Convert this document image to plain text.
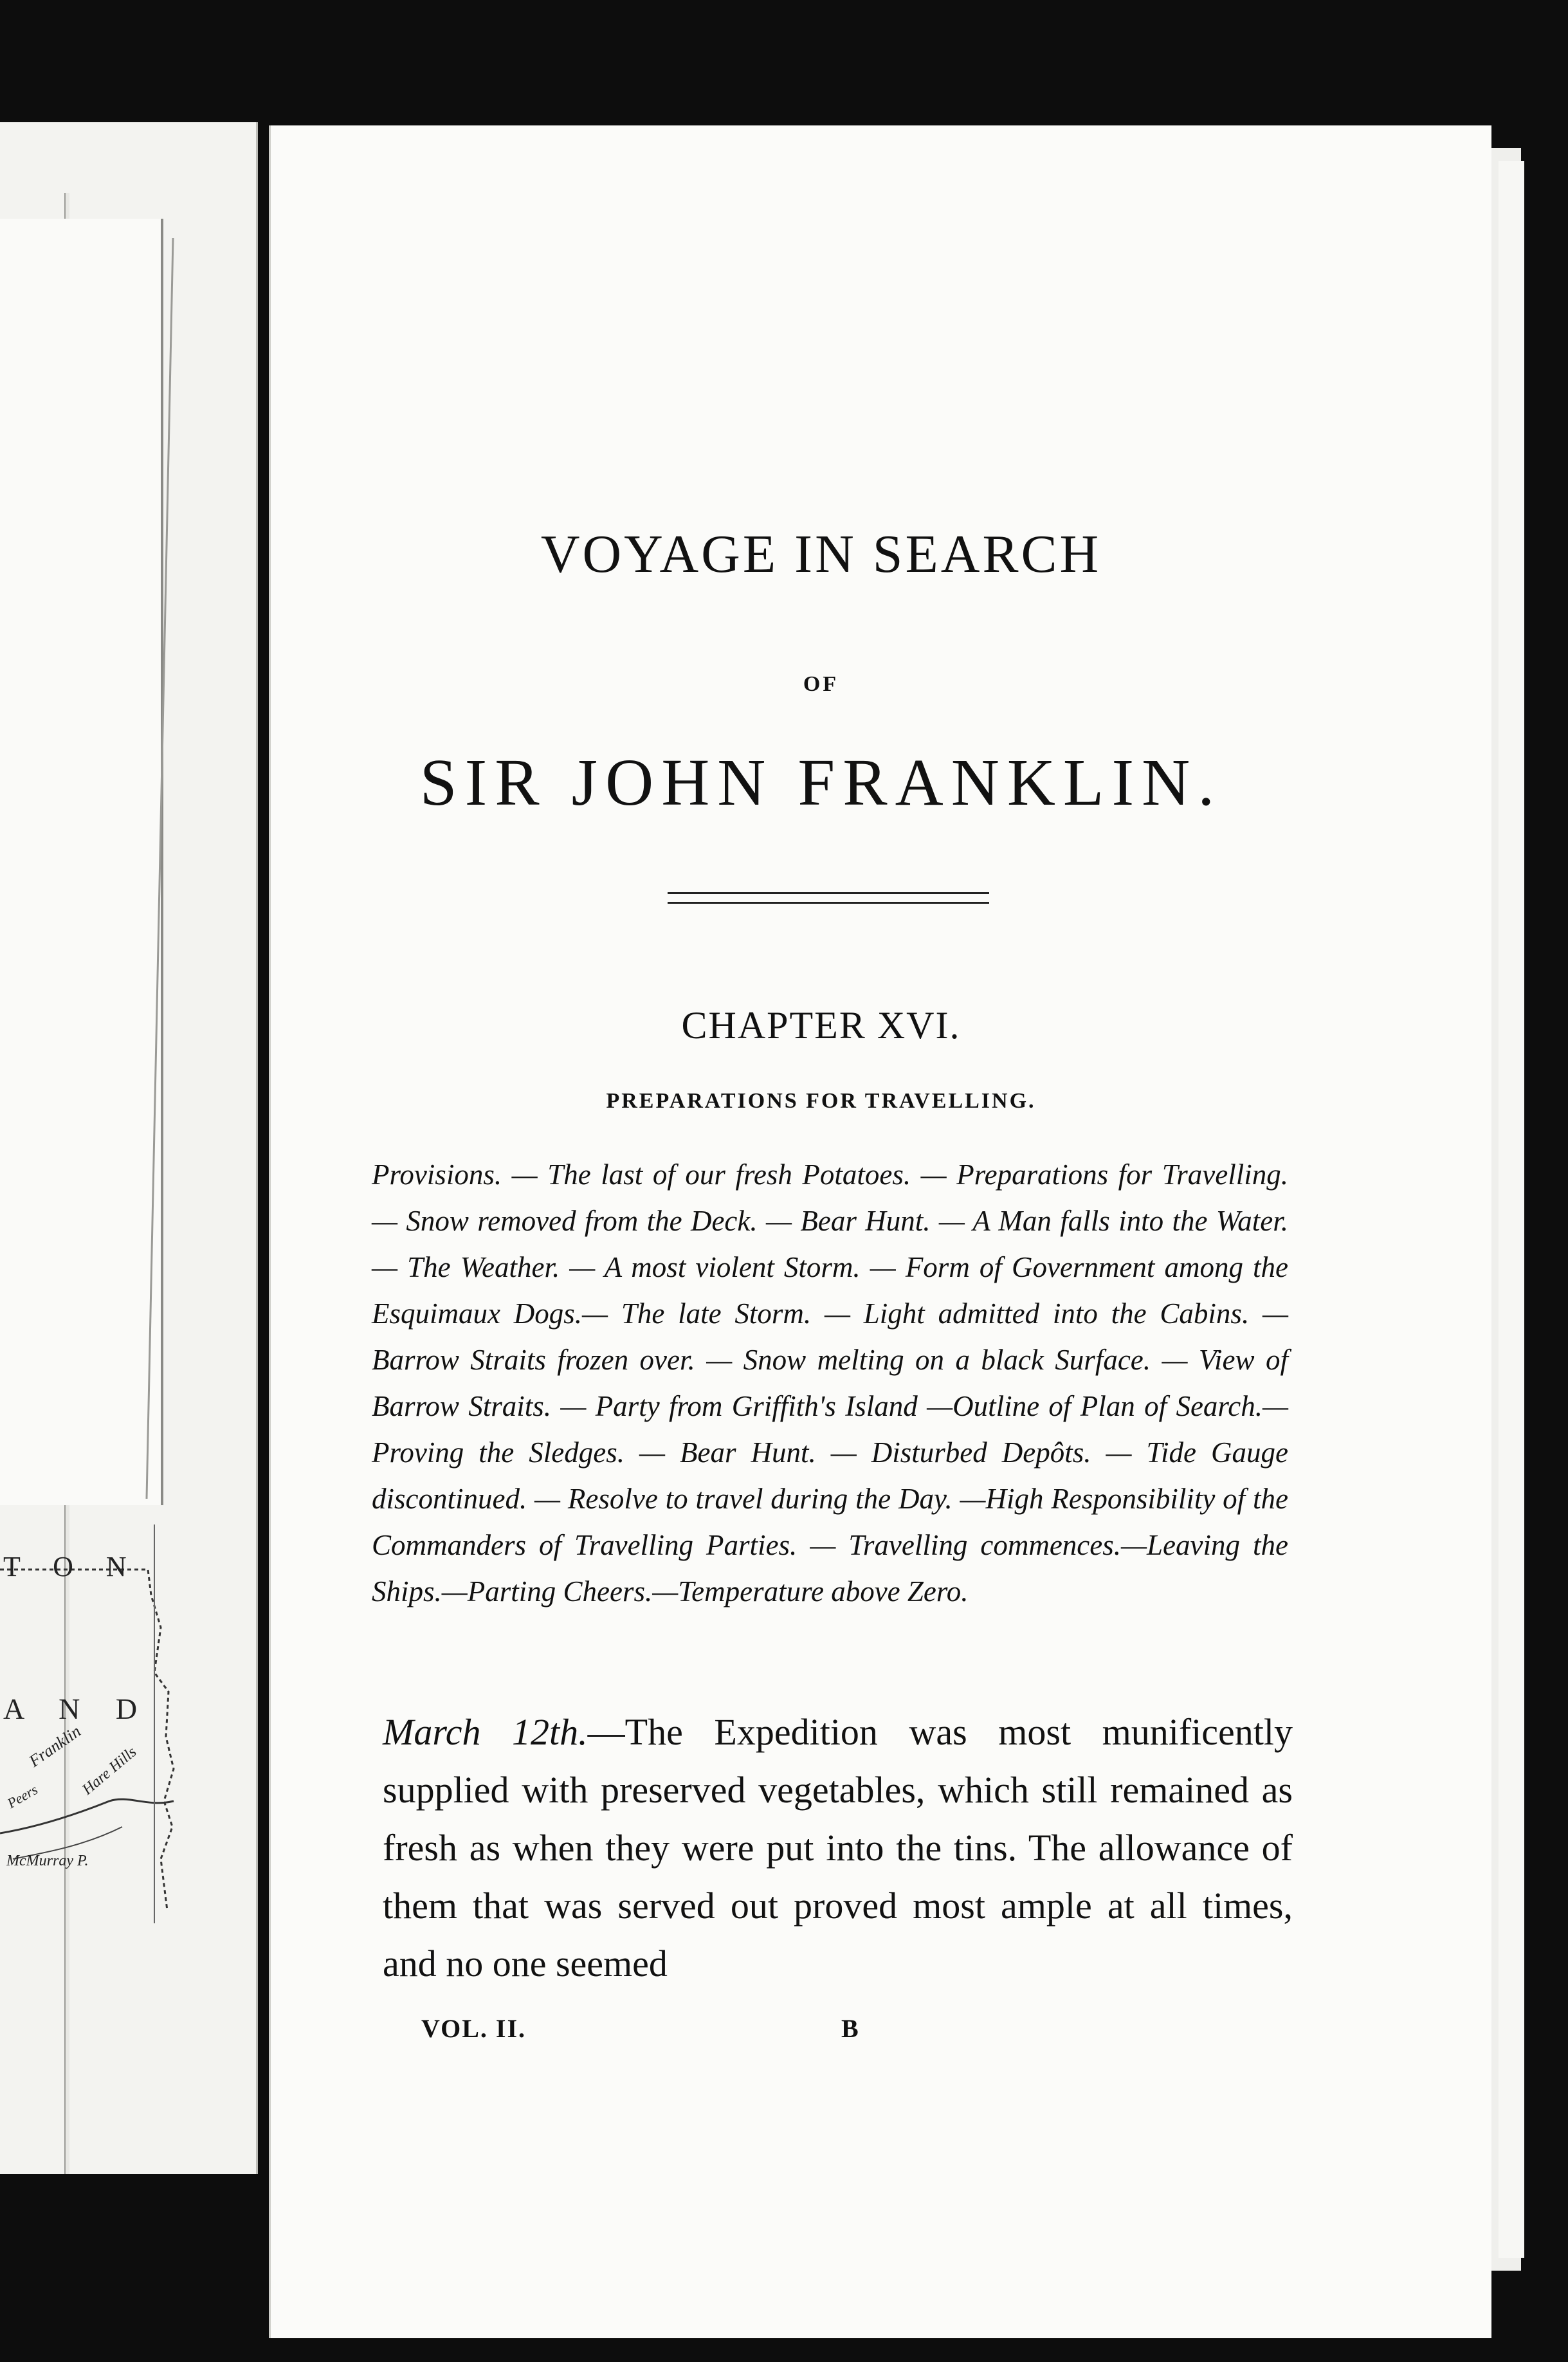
T O N
A N D
Franklin
Hare Hills
Peers
McMurray P.
VOYAGE IN SEARCH
OF
SIR JOHN FRANKLIN.
CHAPTER XVI.
PREPARATIONS FOR TRAVELLING.
Provisions. — The last of our fresh Potatoes. — Preparations for Travelling. — Snow removed from the Deck. — Bear Hunt. — A Man falls into the Water. — The Weather. — A most violent Storm. — Form of Government among the Esquimaux Dogs.— The late Storm. — Light admitted into the Cabins. — Barrow Straits frozen over. — Snow melting on a black Surface. — View of Barrow Straits. — Party from Griffith's Island —Outline of Plan of Search.—Proving the Sledges. — Bear Hunt. — Disturbed Depôts. — Tide Gauge discontinued. — Resolve to travel during the Day. —High Responsibility of the Commanders of Travelling Parties. — Travelling commences.—Leaving the Ships.—Parting Cheers.—Temperature above Zero.
March 12th.—The Expedition was most munificently supplied with preserved vegetables, which still remained as fresh as when they were put into the tins. The allowance of them that was served out proved most ample at all times, and no one seemed
VOL. II.	B
